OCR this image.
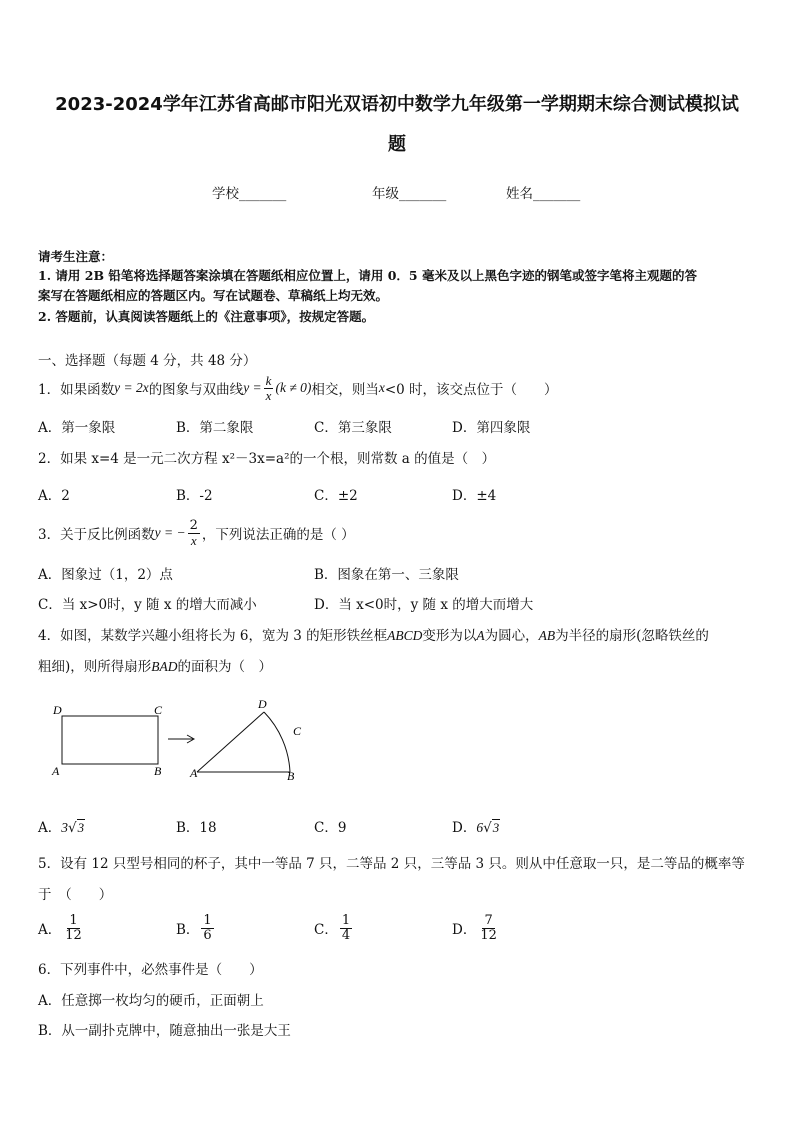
2023-2024学年江苏省高邮市阳光双语初中数学九年级第一学期期末综合测试模拟试
题
学校_______	年级_______	姓名_______
请考生注意：
1. 请用 2B 铅笔将选择题答案涂填在答题纸相应位置上，请用 0．5 毫米及以上黑色字迹的钢笔或签字笔将主观题的答
案写在答题纸相应的答题区内。写在试题卷、草稿纸上均无效。
2. 答题前，认真阅读答题纸上的《注意事项》，按规定答题。
一、选择题（每题 4 分，共 48 分）
1．如果函数 y = 2x 的图象与双曲线 $y = \frac{k}{x} (k \ne 0)$ 相交，则当 x <0 时，该交点位于（　　）
A．第一象限	B．第二象限	C．第三象限	D．第四象限
2．如果 x=4 是一元二次方程 x²－3x=a²的一个根，则常数 a 的值是（　）
A．2	B．-2	C．±2	D．±4
3．关于反比例函数 y = − $\frac{2}{x}$ ，下列说法正确的是（ ）
A．图象过（1，2）点	B．图象在第一、三象限
C．当 x>0时，y 随 x 的增大而减小	D．当 x<0时，y 随 x 的增大而增大
4．如图，某数学兴趣小组将长为 6，宽为 3 的矩形铁丝框ABCD变形为以A为圆心，AB为半径的扇形(忽略铁丝的
粗细)，则所得扇形BAD的面积为（　）
D	C
A	B A
D
C
B
A．3√3	B．18	C．9	D．6√3
5．设有 12 只型号相同的杯子，其中一等品 7 只，二等品 2 只，三等品 3 只。则从中任意取一只，是二等品的概率等
于　（　　）
A． $\frac{1}{12}$	B． $\frac{1}{6}$	C． $\frac{1}{4}$	D． $\frac{7}{12}$
6．下列事件中，必然事件是（　　）
A．任意掷一枚均匀的硬币，正面朝上
B．从一副扑克牌中，随意抽出一张是大王
